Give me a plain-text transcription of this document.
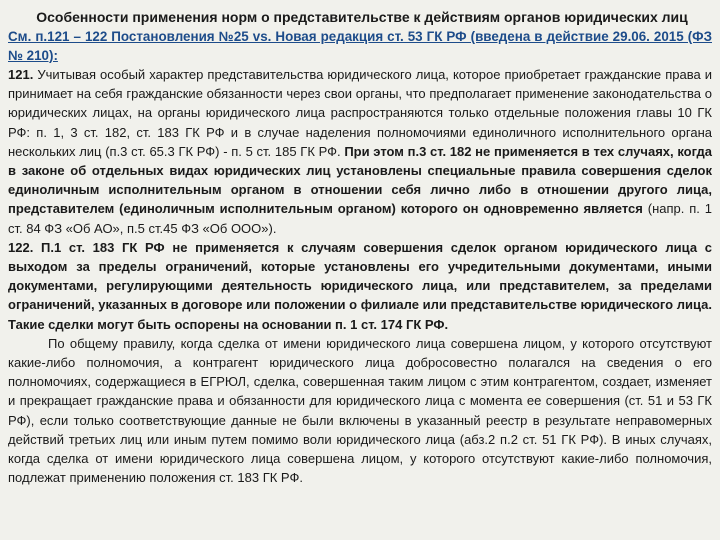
Особенности применения норм о представительстве к действиям органов юридических лиц

См. п.121 – 122 Постановления №25 vs. Новая редакция ст. 53 ГК РФ (введена в действие 29.06. 2015 (ФЗ № 210):

121. Учитывая особый характер представительства юридического лица, которое приобретает гражданские права и принимает на себя гражданские обязанности через свои органы, что предполагает применение законодательства о юридических лицах, на органы юридического лица распространяются только отдельные положения главы 10 ГК РФ: п. 1, 3 ст. 182, ст. 183 ГК РФ и в случае наделения полномочиями единоличного исполнительного органа нескольких лиц (п.3 ст. 65.3 ГК РФ) - п. 5 ст. 185 ГК РФ. При этом п.3 ст. 182 не применяется в тех случаях, когда в законе об отдельных видах юридических лиц установлены специальные правила совершения сделок единоличным исполнительным органом в отношении себя лично либо в отношении другого лица, представителем (единоличным исполнительным органом) которого он одновременно является (напр. п. 1 ст. 84 ФЗ «Об АО», п.5 ст.45 ФЗ «Об ООО»).

122. П.1 ст. 183 ГК РФ не применяется к случаям совершения сделок органом юридического лица с выходом за пределы ограничений, которые установлены его учредительными документами, иными документами, регулирующими деятельность юридического лица, или представителем, за пределами ограничений, указанных в договоре или положении о филиале или представительстве юридического лица. Такие сделки могут быть оспорены на основании п. 1 ст. 174 ГК РФ.

По общему правилу, когда сделка от имени юридического лица совершена лицом, у которого отсутствуют какие-либо полномочия, а контрагент юридического лица добросовестно полагался на сведения о его полномочиях, содержащиеся в ЕГРЮЛ, сделка, совершенная таким лицом с этим контрагентом, создает, изменяет и прекращает гражданские права и обязанности для юридического лица с момента ее совершения (ст. 51 и 53 ГК РФ), если только соответствующие данные не были включены в указанный реестр в результате неправомерных действий третьих лиц или иным путем помимо воли юридического лица (абз.2 п.2 ст. 51 ГК РФ). В иных случаях, когда сделка от имени юридического лица совершена лицом, у которого отсутствуют какие-либо полномочия, подлежат применению положения ст. 183 ГК РФ.
